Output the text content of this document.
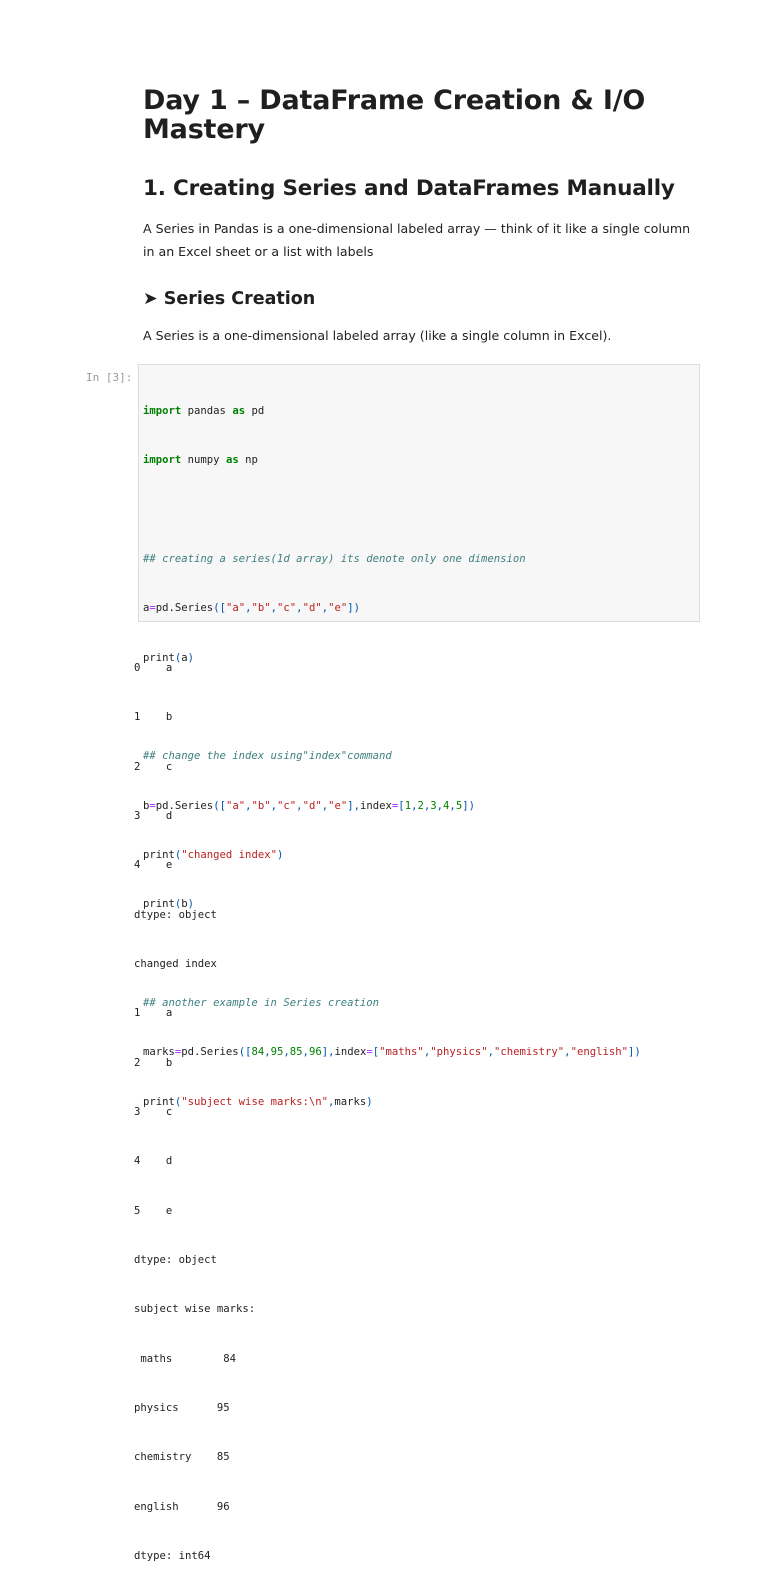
Day 1 – DataFrame Creation & I/O Mastery
1. Creating Series and DataFrames Manually

A Series in Pandas is a one-dimensional labeled array — think of it like a single column in an Excel sheet or a list with labels

➤ Series Creation

A Series is a one-dimensional labeled array (like a single column in Excel).

In [3]:

import pandas as pd

import numpy as np

## creating a series(1d array) its denote only one dimension

a=pd.Series(["a","b","c","d","e"])

print(a)

## change the index using"index"command

b=pd.Series(["a","b","c","d","e"],index=[1,2,3,4,5])

print("changed index")

print(b)

## another example in Series creation

marks=pd.Series([84,95,85,96],index=["maths","physics","chemistry","english"])

print("subject wise marks:\n",marks)

0    a

1    b

2    c

3    d

4    e

dtype: object

changed index

1    a

2    b

3    c

4    d

5    e

dtype: object

subject wise marks:

maths        84

physics      95

chemistry    85

english      96

dtype: int64
